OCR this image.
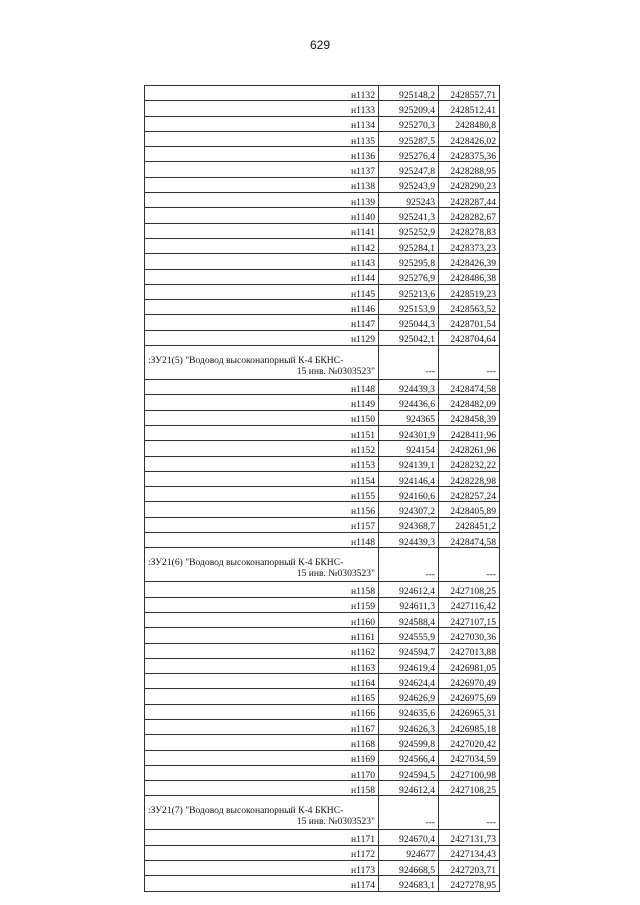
629
н1132	925148,2	2428557,71
н1133	925209,4	2428512,41
н1134	925270,3	2428480,8
н1135	925287,5	2428426,02
н1136	925276,4	2428375,36
н1137	925247,8	2428288,95
н1138	925243,9	2428290,23
н1139	925243	2428287,44
н1140	925241,3	2428282,67
н1141	925252,9	2428278,83
н1142	925284,1	2428373,23
н1143	925295,8	2428426,39
н1144	925276,9	2428486,38
н1145	925213,6	2428519,23
н1146	925153,9	2428563,52
н1147	925044,3	2428701,54
н1129	925042,1	2428704,64

:ЗУ21(5) "Водовод высоконапорный К-4 БКНС-
15 инв. №0303523"	---	---
н1148	924439,3	2428474,58
н1149	924436,6	2428482,09
н1150	924365	2428458,39
н1151	924301,9	2428411,96
н1152	924154	2428261,96
н1153	924139,1	2428232,22
н1154	924146,4	2428228,98
н1155	924160,6	2428257,24
н1156	924307,2	2428405,89
н1157	924368,7	2428451,2
н1148	924439,3	2428474,58

:ЗУ21(6) "Водовод высоконапорный К-4 БКНС-
15 инв. №0303523"	---	---
н1158	924612,4	2427108,25
н1159	924611,3	2427116,42
н1160	924588,4	2427107,15
н1161	924555,9	2427030,36
н1162	924594,7	2427013,88
н1163	924619,4	2426981,05
н1164	924624,4	2426970,49
н1165	924626,9	2426975,69
н1166	924635,6	2426965,31
н1167	924626,3	2426985,18
н1168	924599,8	2427020,42
н1169	924566,4	2427034,59
н1170	924594,5	2427100,98
н1158	924612,4	2427108,25

:ЗУ21(7) "Водовод высоконапорный К-4 БКНС-
15 инв. №0303523"	---	---
н1171	924670,4	2427131,73
н1172	924677	2427134,43
н1173	924668,5	2427203,71
н1174	924683,1	2427278,95
